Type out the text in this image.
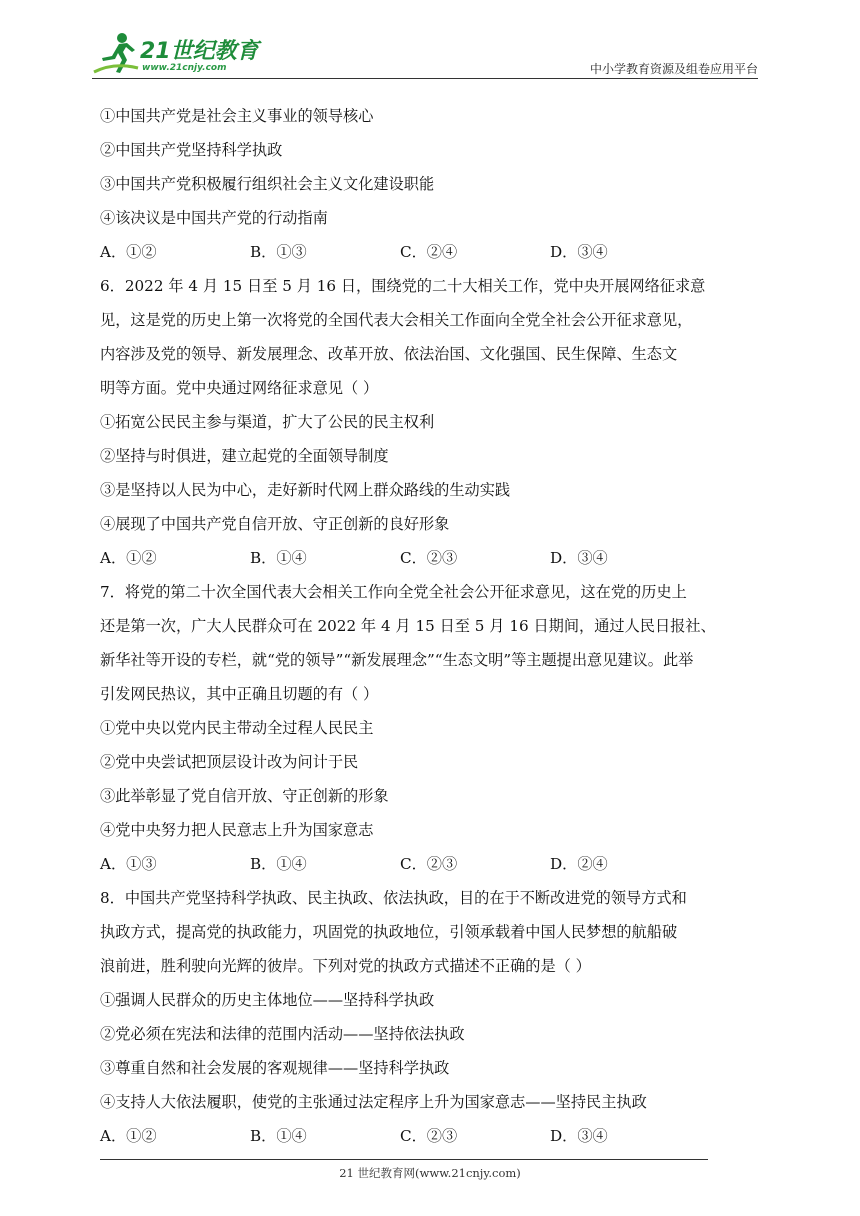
21世纪教育
www.21cnjy.com	中小学教育资源及组卷应用平台
①中国共产党是社会主义事业的领导核心
②中国共产党坚持科学执政
③中国共产党积极履行组织社会主义文化建设职能
④该决议是中国共产党的行动指南
A．①②	B．①③	C．②④	D．③④
6．2022 年 4 月 15 日至 5 月 16 日，围绕党的二十大相关工作，党中央开展网络征求意
见，这是党的历史上第一次将党的全国代表大会相关工作面向全党全社会公开征求意见，
内容涉及党的领导、新发展理念、改革开放、依法治国、文化强国、民生保障、生态文
明等方面。党中央通过网络征求意见（ ）
①拓宽公民民主参与渠道，扩大了公民的民主权利
②坚持与时俱进，建立起党的全面领导制度
③是坚持以人民为中心，走好新时代网上群众路线的生动实践
④展现了中国共产党自信开放、守正创新的良好形象
A．①②	B．①④	C．②③	D．③④
7．将党的第二十次全国代表大会相关工作向全党全社会公开征求意见，这在党的历史上
还是第一次，广大人民群众可在 2022 年 4 月 15 日至 5 月 16 日期间，通过人民日报社、
新华社等开设的专栏，就“党的领导”“新发展理念”“生态文明”等主题提出意见建议。此举
引发网民热议，其中正确且切题的有（ ）
①党中央以党内民主带动全过程人民民主
②党中央尝试把顶层设计改为问计于民
③此举彰显了党自信开放、守正创新的形象
④党中央努力把人民意志上升为国家意志
A．①③	B．①④	C．②③	D．②④
8．中国共产党坚持科学执政、民主执政、依法执政，目的在于不断改进党的领导方式和
执政方式，提高党的执政能力，巩固党的执政地位，引领承载着中国人民梦想的航船破
浪前进，胜利驶向光辉的彼岸。下列对党的执政方式描述不正确的是（ ）
①强调人民群众的历史主体地位——坚持科学执政
②党必须在宪法和法律的范围内活动——坚持依法执政
③尊重自然和社会发展的客观规律——坚持科学执政
④支持人大依法履职，使党的主张通过法定程序上升为国家意志——坚持民主执政
A．①②	B．①④	C．②③	D．③④
21 世纪教育网(www.21cnjy.com)
